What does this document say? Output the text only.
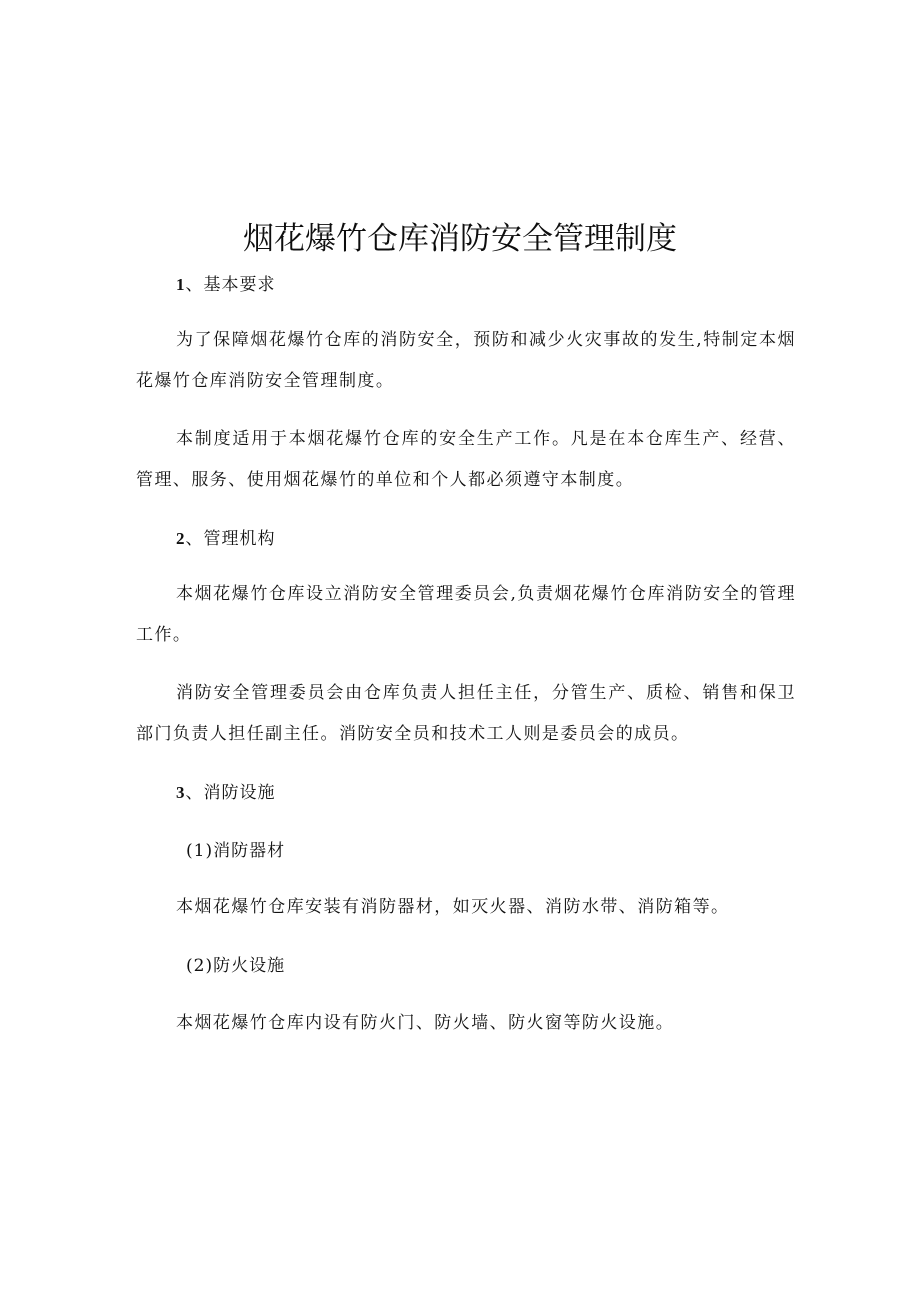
烟花爆竹仓库消防安全管理制度
1、基本要求

为了保障烟花爆竹仓库的消防安全，预防和减少火灾事故的发生,特制定本烟花爆竹仓库消防安全管理制度。

本制度适用于本烟花爆竹仓库的安全生产工作。凡是在本仓库生产、经营、管理、服务、使用烟花爆竹的单位和个人都必须遵守本制度。

2、管理机构

本烟花爆竹仓库设立消防安全管理委员会,负责烟花爆竹仓库消防安全的管理工作。

消防安全管理委员会由仓库负责人担任主任，分管生产、质检、销售和保卫部门负责人担任副主任。消防安全员和技术工人则是委员会的成员。

3、消防设施
(1)消防器材

本烟花爆竹仓库安装有消防器材，如灭火器、消防水带、消防箱等。

(2)防火设施

本烟花爆竹仓库内设有防火门、防火墙、防火窗等防火设施。
